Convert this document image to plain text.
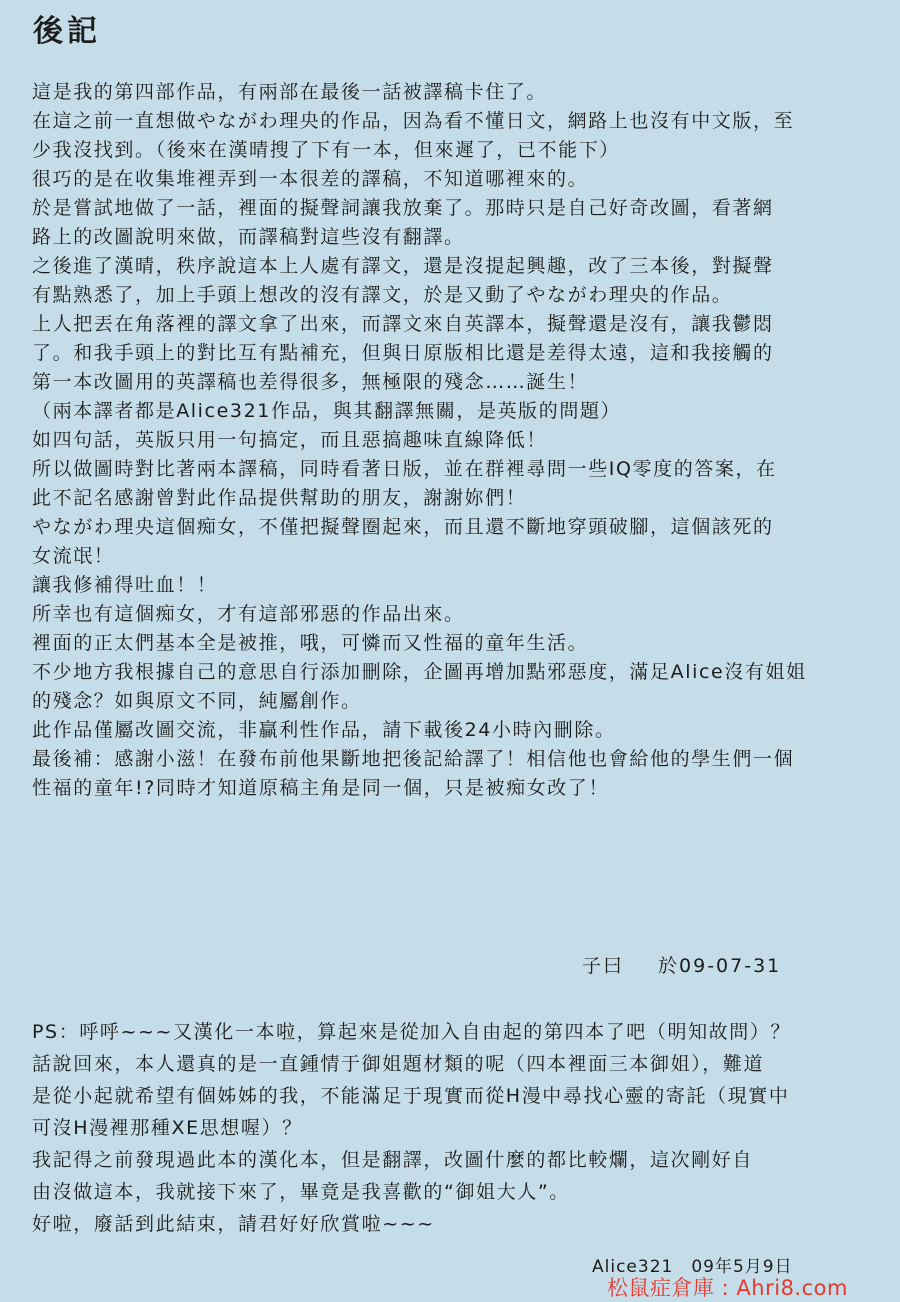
後記
這是我的第四部作品，有兩部在最後一話被譯稿卡住了。
在這之前一直想做やながわ理央的作品，因為看不懂日文，網路上也沒有中文版，至
少我沒找到。（後來在漢晴搜了下有一本，但來遲了，已不能下）
很巧的是在收集堆裡弄到一本很差的譯稿，不知道哪裡來的。
於是嘗試地做了一話，裡面的擬聲詞讓我放棄了。那時只是自己好奇改圖，看著網
路上的改圖說明來做，而譯稿對這些沒有翻譯。
之後進了漢晴，秩序說這本上人處有譯文，還是沒提起興趣，改了三本後，對擬聲
有點熟悉了，加上手頭上想改的沒有譯文，於是又動了やながわ理央的作品。
上人把丟在角落裡的譯文拿了出來，而譯文來自英譯本，擬聲還是沒有，讓我鬱悶
了。和我手頭上的對比互有點補充，但與日原版相比還是差得太遠，這和我接觸的
第一本改圖用的英譯稿也差得很多，無極限的殘念……誕生！
（兩本譯者都是Alice321作品，與其翻譯無關，是英版的問題）
如四句話，英版只用一句搞定，而且惡搞趣味直線降低！
所以做圖時對比著兩本譯稿，同時看著日版，並在群裡尋問一些IQ零度的答案，在
此不記名感謝曾對此作品提供幫助的朋友，謝謝妳們！
やながわ理央這個痴女，不僅把擬聲圈起來，而且還不斷地穿頭破腳，這個該死的
女流氓！
讓我修補得吐血！！
所幸也有這個痴女，才有這部邪惡的作品出來。
裡面的正太們基本全是被推，哦，可憐而又性福的童年生活。
不少地方我根據自己的意思自行添加刪除，企圖再增加點邪惡度，滿足Alice沒有姐姐
的殘念？如與原文不同，純屬創作。
此作品僅屬改圖交流，非贏利性作品，請下載後24小時內刪除。
最後補：感謝小滋！在發布前他果斷地把後記給譯了！相信他也會給他的學生們一個
性福的童年!?同時才知道原稿主角是同一個，只是被痴女改了！
子曰 於09-07-31
PS：呼呼~~~又漢化一本啦，算起來是從加入自由起的第四本了吧（明知故問）？
話說回來，本人還真的是一直鍾情于御姐題材類的呢（四本裡面三本御姐），難道
是從小起就希望有個姊姊的我，不能滿足于現實而從H漫中尋找心靈的寄託（現實中
可沒H漫裡那種XE思想喔）？
我記得之前發現過此本的漢化本，但是翻譯，改圖什麼的都比較爛，這次剛好自
由沒做這本，我就接下來了，畢竟是我喜歡的“御姐大人”。
好啦，廢話到此結束，請君好好欣賞啦~~~
Alice321 09年5月9日
松鼠症倉庫 : Ahri8.com
